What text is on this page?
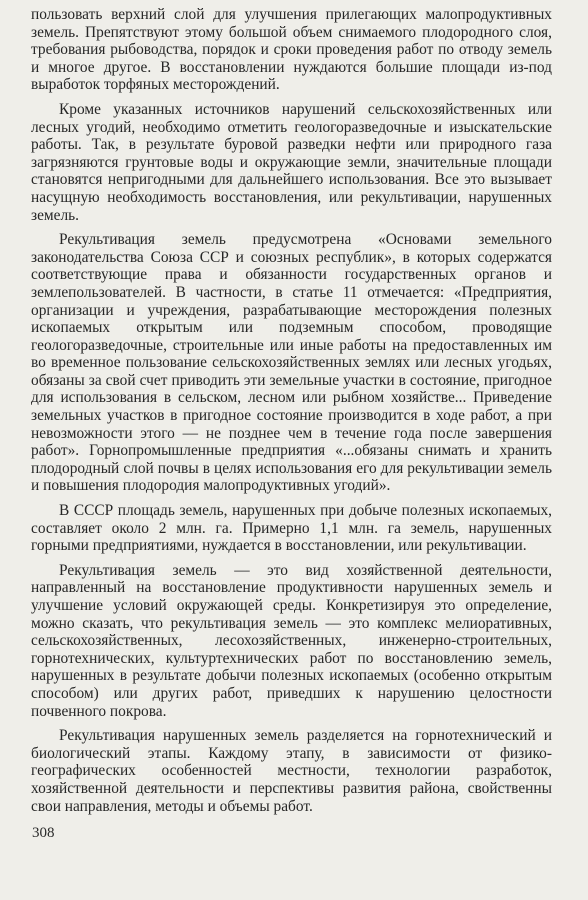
пользовать верхний слой для улучшения прилегающих малопродуктивных земель. Препятствуют этому большой объем снимаемого плодородного слоя, требования рыбоводства, порядок и сроки проведения работ по отводу земель и многое другое. В восстановлении нуждаются большие площади из-под выработок торфяных месторождений.

Кроме указанных источников нарушений сельскохозяйственных или лесных угодий, необходимо отметить геологоразведочные и изыскательские работы. Так, в результате буровой разведки нефти или природного газа загрязняются грунтовые воды и окружающие земли, значительные площади становятся непригодными для дальнейшего использования. Все это вызывает насущную необходимость восстановления, или рекультивации, нарушенных земель.

Рекультивация земель предусмотрена «Основами земельного законодательства Союза ССР и союзных республик», в которых содержатся соответствующие права и обязанности государственных органов и землепользователей. В частности, в статье 11 отмечается: «Предприятия, организации и учреждения, разрабатывающие месторождения полезных ископаемых открытым или подземным способом, проводящие геологоразведочные, строительные или иные работы на предоставленных им во временное пользование сельскохозяйственных землях или лесных угодьях, обязаны за свой счет приводить эти земельные участки в состояние, пригодное для использования в сельском, лесном или рыбном хозяйстве... Приведение земельных участков в пригодное состояние производится в ходе работ, а при невозможности этого — не позднее чем в течение года после завершения работ». Горнопромышленные предприятия «...обязаны снимать и хранить плодородный слой почвы в целях использования его для рекультивации земель и повышения плодородия малопродуктивных угодий».

В СССР площадь земель, нарушенных при добыче полезных ископаемых, составляет около 2 млн. га. Примерно 1,1 млн. га земель, нарушенных горными предприятиями, нуждается в восстановлении, или рекультивации.

Рекультивация земель — это вид хозяйственной деятельности, направленный на восстановление продуктивности нарушенных земель и улучшение условий окружающей среды. Конкретизируя это определение, можно сказать, что рекультивация земель — это комплекс мелиоративных, сельскохозяйственных, лесохозяйственных, инженерно-строительных, горнотехнических, культуртехнических работ по восстановлению земель, нарушенных в результате добычи полезных ископаемых (особенно открытым способом) или других работ, приведших к нарушению целостности почвенного покрова.

Рекультивация нарушенных земель разделяется на горнотехнический и биологический этапы. Каждому этапу, в зависимости от физико-географических особенностей местности, технологии разработок, хозяйственной деятельности и перспективы развития района, свойственны свои направления, методы и объемы работ.

308
